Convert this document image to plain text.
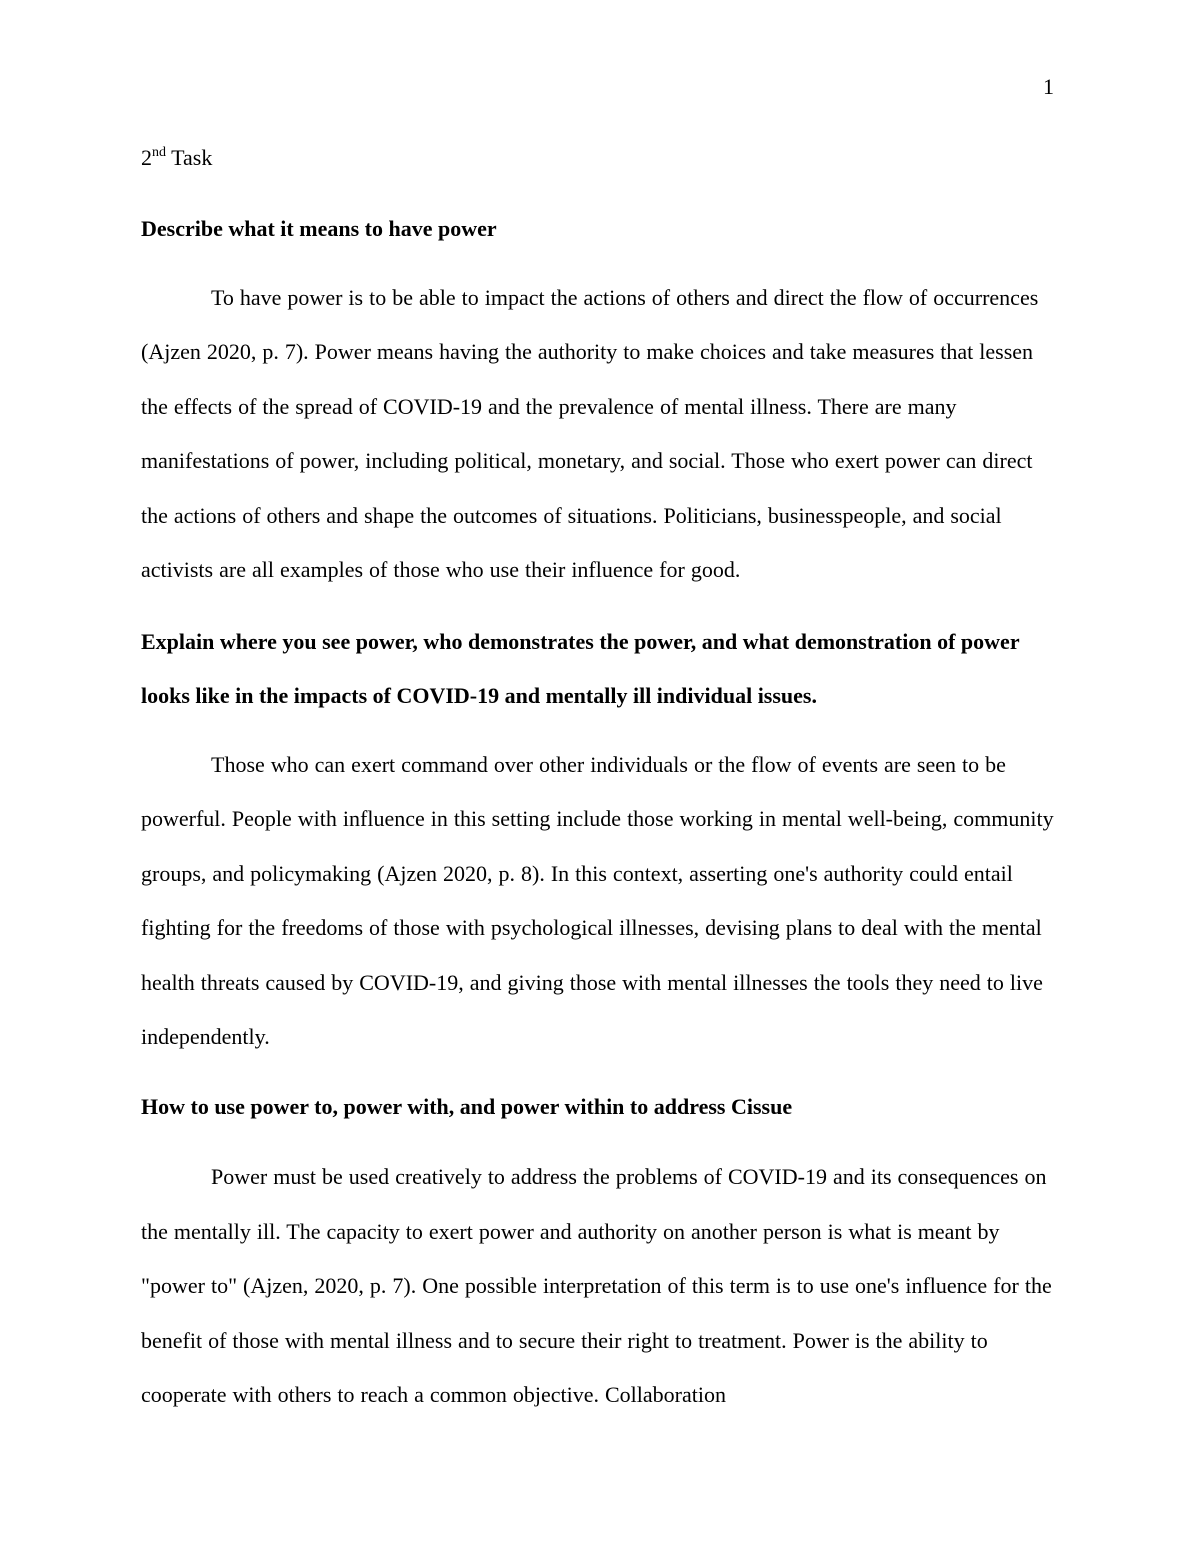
1
2nd Task
Describe what it means to have power

To have power is to be able to impact the actions of others and direct the flow of occurrences (Ajzen 2020, p. 7). Power means having the authority to make choices and take measures that lessen the effects of the spread of COVID-19 and the prevalence of mental illness. There are many manifestations of power, including political, monetary, and social. Those who exert power can direct the actions of others and shape the outcomes of situations. Politicians, businesspeople, and social activists are all examples of those who use their influence for good.

Explain where you see power, who demonstrates the power, and what demonstration of power looks like in the impacts of COVID-19 and mentally ill individual issues.

Those who can exert command over other individuals or the flow of events are seen to be powerful. People with influence in this setting include those working in mental well-being, community groups, and policymaking (Ajzen 2020, p. 8). In this context, asserting one's authority could entail fighting for the freedoms of those with psychological illnesses, devising plans to deal with the mental health threats caused by COVID-19, and giving those with mental illnesses the tools they need to live independently.

How to use power to, power with, and power within to address Cissue

Power must be used creatively to address the problems of COVID-19 and its consequences on the mentally ill. The capacity to exert power and authority on another person is what is meant by "power to" (Ajzen, 2020, p. 7). One possible interpretation of this term is to use one's influence for the benefit of those with mental illness and to secure their right to treatment. Power is the ability to cooperate with others to reach a common objective. Collaboration
